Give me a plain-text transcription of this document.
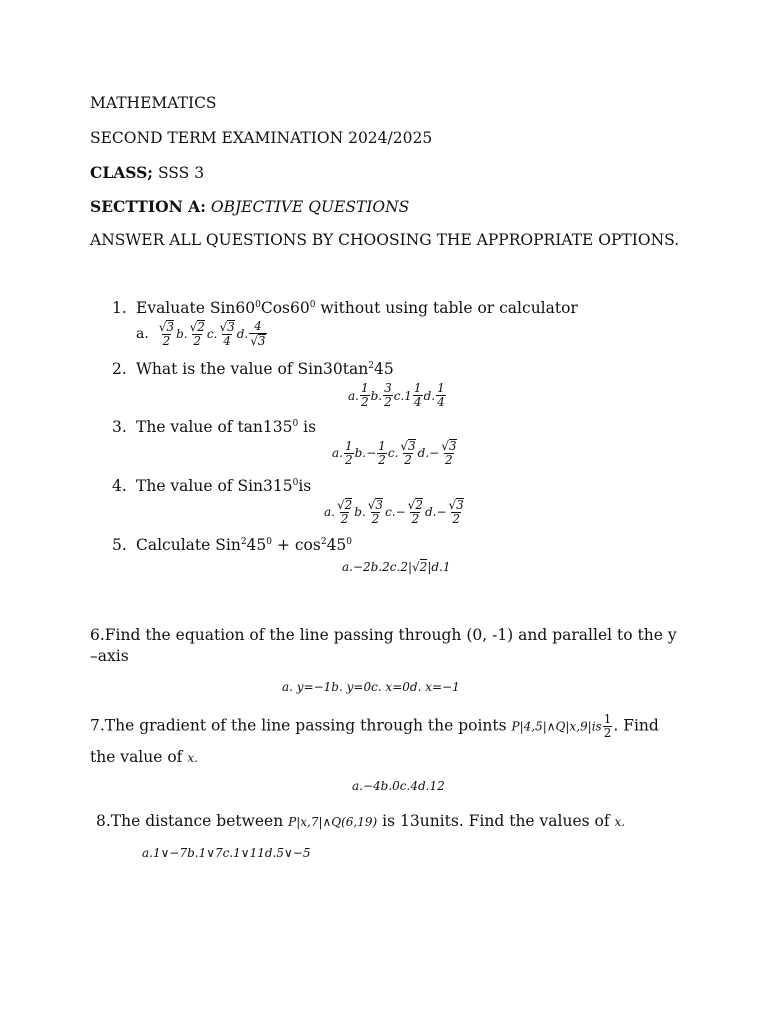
MATHEMATICS
SECOND TERM EXAMINATION 2024/2025
CLASS; SSS 3
SECTTION A: OBJECTIVE QUESTIONS
ANSWER ALL QUESTIONS BY CHOOSING THE APPROPRIATE OPTIONS.
1. Evaluate $Sin60^0Cos60^0$ without using table or calculator
a. $\frac{√ 3}{2} b$. $\frac{√ 2}{2} c$. $\frac{√ 3}{4} d$. $\frac{4}{√ 3}$
2. What is the value of $Sin30\tan^245$
a. $\frac{1}{2} b$. $\frac{3}{2} c.1 \frac{1}{4} d$. $\frac{1}{4}$
3. The value of $\tan 135^0$ is
a. $\frac{1}{2} b.- \frac{1}{2} c$. $\frac{√ 3}{2} d.- \frac{√ 3}{2}$
4. The value of $Sin315^0is$
a. $\frac{√ 2}{2} b$. $\frac{√ 3}{2} c.- \frac{√ 2}{2} d.- \frac{√ 3}{2}$
5. Calculate $Sin^245^0 + \cos^245^0$
a.−2b.2c.2 | √ 2 | d.1
6.Find the equation of the line passing through (0, -1) and parallel to the y –axis
a. y=−1b. y=0c. x=0d. x=−1
7.The gradient of the line passing through the points P|4,5|∧Q|x,9|is $\frac{1}{2}$ . Find
the value of x.
a.−4b.0c.4d.12
8.The distance between P|x,7|∧Q(6,19) is 13units. Find the values of x.
a.1∨−7b.1∨7c.1∨11d.5∨−5
